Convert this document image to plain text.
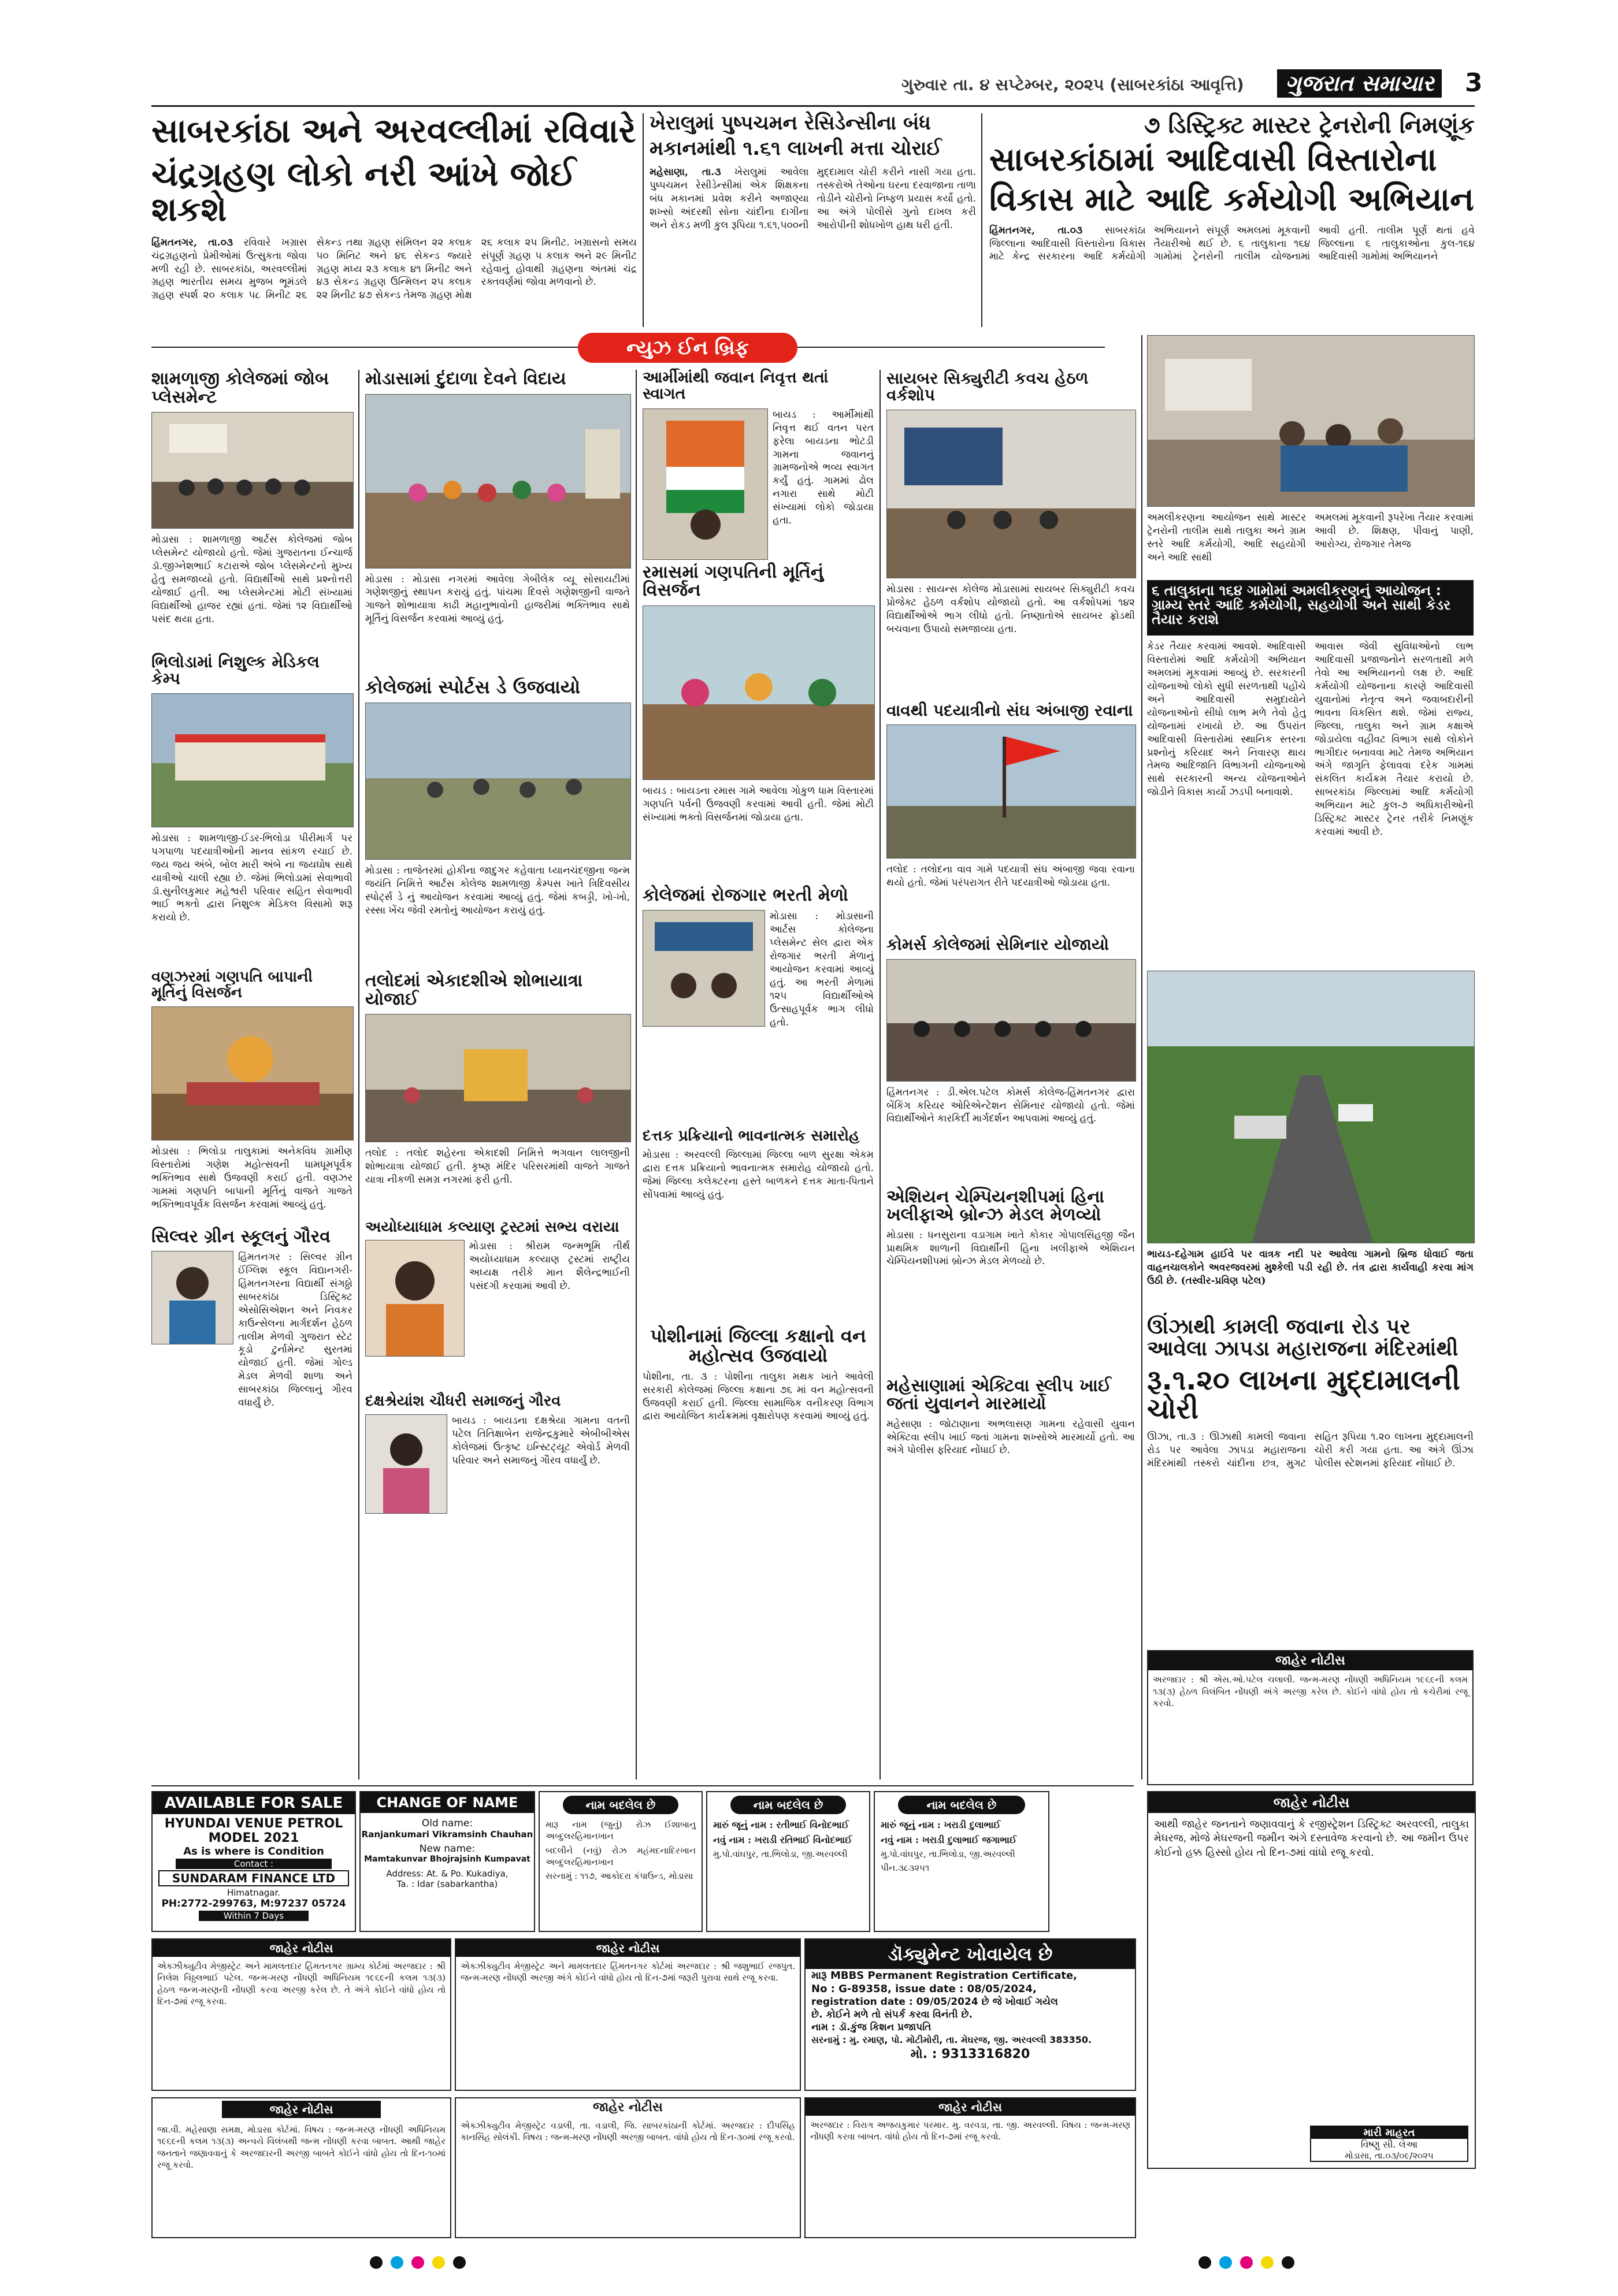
ગુરુવાર તા. ૪ સપ્ટેમ્બર, ૨૦૨૫ (સાબરકાંઠા આવૃત્તિ)	ગુજરાત સમાચાર	3
સાબરકાંઠા અને અરવલ્લીમાં રવિવારે
ચંદ્રગ્રહણ લોકો નરી આંખે જોઈ શકશે
હિંમતનગર, તા.૦૩ રવિવારે ખગ્રાસ ચંદ્રગ્રહણનો પ્રેમીઓમાં ઉત્સુકતા જોવા મળી રહી છે. સાબરકાંઠા, અરવલ્લીમાં ગ્રહણ ભારતીય સમય મુજબ ભૂમંડલે ગ્રહણ સ્પર્શ ૨૦ કલાક ૫૮ મિનીટ ૨૬ સેકન્ડ તથા ગ્રહણ સંમિલન ૨૨ કલાક ૫૦ મિનિટ અને ૪૬ સેકન્ડ જ્યારે ગ્રહણ મધ્ય ૨૩ કલાક ૪૧ મિનીટ અને ૪૩ સેકન્ડ ગ્રહણ ઉન્મિલન ૨૫ કલાક ૨૨ મિનીટ ૪૭ સેકન્ડ તેમજ ગ્રહણ મોક્ષ ૨૬ કલાક ૨૫ મિનીટ. ખગ્રાસનો સમય સંપૂર્ણ ગ્રહણ ૫ કલાક અને ૨૯ મિનીટ રહેવાનું હોવાથી ગ્રહણના અંતમાં ચંદ્ર રક્તવર્ણમાં જોવા મળવાનો છે.
ખેરાલુમાં પુષ્પચમન રેસિડેન્સીના બંધ
મકાનમાંથી ૧.૬૧ લાખની મત્તા ચોરાઈ
મહેસાણા, તા.૩ ખેરાલુમાં આવેલા પુષ્પચમન રેસીડેન્સીમાં એક શિક્ષકના બંધ મકાનમાં પ્રવેશ કરીને અજાણ્યા શખ્સો અંદરથી સોના ચાંદીના દાગીના અને રોકડ મળી કુલ રૂપિયા ૧.૬૧,૫૦૦ની મુદ્દામાલ ચોરી કરીને નાસી ગયા હતા. તસ્કરોએ તેઓના ઘરના દરવાજાના તાળા તોડીને ચોરીનો નિષ્ફળ પ્રયાસ કર્યો હતો. આ અંગે પોલીસે ગુનો દાખલ કરી આરોપીની શોધખોળ હાથ ધરી હતી.
૭ ડિસ્ટ્રિક્ટ માસ્ટર ટ્રેનરોની નિમણૂંક
સાબરકાંઠામાં આદિવાસી વિસ્તારોના
વિકાસ માટે આદિ કર્મયોગી અભિયાન
હિંમતનગર, તા.૦૩ સાબરકાંઠા જિલ્લાના આદિવાસી વિસ્તારોના વિકાસ માટે કેન્દ્ર સરકારના આદિ કર્મયોગી અભિયાનને સંપૂર્ણ અમલમાં મૂકવાની તૈયારીઓ થઈ છે. ૬ તાલુકાના ૧૬૪ ગામોમાં ટ્રેનરોની તાલીમ યોજનામાં આવી હતી. તાલીમ પૂર્ણ થતાં હવે જિલ્લાના ૬ તાલુકાઓના કુલ-૧૬૪ આદિવાસી ગામોમાં અભિયાનને
ન્યુઝ ઈન બ્રિફ
અમલીકરણના આયોજન સાથે માસ્ટર ટ્રેનરોની તાલીમ સાથે તાલુકા અને ગ્રામ સ્તરે આદિ કર્મયોગી, આદિ સહયોગી અને આદિ સાથી
અમલમાં મૂકવાની રૂપરેખા તૈયાર કરવામાં આવી છે. શિક્ષણ, પીવાનું પાણી, આરોગ્ય, રોજગાર તેમજ
૬ તાલુકાના ૧૬૪ ગામોમાં અમલીકરણનું આયોજન : ગ્રામ્ય સ્તરે આદિ કર્મયોગી, સહયોગી અને સાથી કેડર તૈયાર કરાશે
કેડર તૈયાર કરવામાં આવશે. આદિવાસી વિસ્તારોમાં આદિ કર્મયોગી અભિયાન અમલમાં મૂકવામાં આવ્યું છે. સરકારની યોજનાઓ લોકો સુધી સરળતાથી પહોંચે અને આદિવાસી સમુદાયોને યોજનાઓનો સીધો લાભ મળે તેવો હેતુ યોજનામાં રખાયો છે. આ ઉપરાંત આદિવાસી વિસ્તારોમાં સ્થાનિક સ્તરના પ્રશ્નોનું કરિયાદ અને નિવારણ થાય તેમજ આદિજાતિ વિભાગની યોજનાઓ સાથે સરકારની અન્ય યોજનાઓને જોડીને વિકાસ કાર્યો ઝડપી બનાવાશે.
આવાસ જેવી સુવિધાઓનો લાભ આદિવાસી પ્રજાજનોને સરળતાથી મળે તેવો આ અભિયાનનો લક્ષ છે. આદિ કર્મયોગી યોજનાના કારણે આદિવાસી યુવાનોમાં નેતૃત્વ અને જવાબદારીની ભાવના વિકસિત થશે. જેમાં રાજ્ય, જિલ્લા, તાલુકા અને ગ્રામ કક્ષાએ જોડાયેલા વહીવટ વિભાગ સાથે લોકોને ભાગીદાર બનાવવા માટે તેમજ અભિયાન અંગે જાગૃતિ ફેલાવવા દરેક ગામમાં સંકલિત કાર્યક્રમ તૈયાર કરાયો છે. સાબરકાંઠા જિલ્લામાં આદિ કર્મયોગી અભિયાન માટે કુલ-૭ અધિકારીઓની ડિસ્ટ્રિક્ટ માસ્ટર ટ્રેનર તરીકે નિમણૂંક કરવામાં આવી છે.
શામળાજી કોલેજમાં જોબ પ્લેસમેન્ટ
મોડાસા : શામળાજી આર્ટસ કોલેજમાં જોબ પ્લેસમેન્ટ યોજાયો હતો. જેમાં ગુજરાતના ઈન્ચાર્જ ડૉ.જીગ્નેશભાઈ કટારાએ જોબ પ્લેસમેન્ટનો મુખ્ય હેતુ સમજાવ્યો હતો. વિદ્યાર્થીઓ સાથે પ્રશ્નોત્તરી યોજાઈ હતી. આ પ્લેસમેન્ટમાં મોટી સંખ્યામાં વિદ્યાર્થીઓ હાજર રહ્યાં હતાં. જેમાં ૧૨ વિદ્યાર્થીઓ પસંદ થયા હતા.
ભિલોડામાં નિશુલ્ક મેડિકલ કેમ્પ
મોડાસા : શામળાજી-ઈડર-ભિલોડા પીરીમાર્ગ પર પગપાળા પદયાત્રીઓની માનવ સાંકળ રચાઈ છે. જય જય અંબે, બોલ મારી અંબે ના જયઘોષ સાથે યાત્રીઓ ચાલી રહ્યા છે. જેમાં ભિલોડામાં સેવાભાવી ડૉ.સુનીલકુમાર મહેશ્વરી પરિવાર સહિત સેવાભાવી ભાઈ ભક્તો દ્વારા નિશુલ્ક મેડિકલ વિસામો શરૂ કરાયો છે.
વણઝરમાં ગણપતિ બાપાની મૂર્તિનું વિસર્જન
મોડાસા : ભિલોડા તાલુકામાં અનેકવિધ ગ્રામીણ વિસ્તારોમાં ગણેશ મહોત્સવની ધામધૂમપૂર્વક ભક્તિભાવ સાથે ઉજવણી કરાઈ હતી. વણઝર ગામમાં ગણપતિ બાપાની મૂર્તિનું વાજતે ગાજતે ભક્તિભાવપૂર્વક વિસર્જન કરવામાં આવ્યું હતું.
સિલ્વર ગ્રીન સ્કૂલનું ગૌરવ
હિંમતનગર : સિલ્વર ગ્રીન ઈંગ્લિશ સ્કૂલ વિદ્યાનગરી-હિંમતનગરના વિદ્યાર્થી સંગઠ્ઠો સાબરકાંઠા ડિસ્ટ્રિક્ટ એસોસિએશન અને નિવકર કાઉન્સેલના માર્ગદર્શન હેઠળ તાલીમ મેળવી ગુજરાત સ્ટેટ કૂડો ટુર્નામેન્ટ સુરતમાં યોજાઈ હતી. જેમાં ગોલ્ડ મેડલ મેળવી શાળા અને સાબરકાંઠા જિલ્લાનું ગૌરવ વધાર્યું છે.
મોડાસામાં દુંદાળા દેવને વિદાય
મોડાસા : મોડાસા નગરમાં આવેલા ગેબીલેક વ્યૂ સોસાયટીમાં ગણેશજીનું સ્થાપન કરાયું હતું. પાંચમા દિવસે ગણેશજીની વાજતે ગાજતે શોભાયાત્રા કાઢી મહાનુભાવોની હાજરીમાં ભક્તિભાવ સાથે મૂર્તિનું વિસર્જન કરવામાં આવ્યું હતું.
કોલેજમાં સ્પોર્ટસ ડે ઉજવાયો
મોડાસા : તાજેતરમાં હોકીના જાદુગર કહેવાતા ધ્યાનચંદજીના જન્મ જયંતિ નિમિત્તે આર્ટસ કોલેજ શામળાજી કેમ્પસ ખાતે ત્રિદિવસીય સ્પોર્ટ્સ ડે નું આયોજન કરવામાં આવ્યું હતું. જેમાં કબડ્ડી, ખો-ખો, રસ્સા ખેંચ જેવી રમતોનું આયોજન કરાયું હતું.
તલોદમાં એકાદશીએ શોભાયાત્રા યોજાઈ
તલોદ : તલોદ શહેરના એકાદશી નિમિત્તે ભગવાન લાલજીની શોભાયાત્રા યોજાઈ હતી. કૃષ્ણ મંદિર પરિસરમાંથી વાજતે ગાજતે યાત્રા નીકળી સમગ્ર નગરમાં ફરી હતી.
અયોધ્યાધામ કલ્યાણ ટ્રસ્ટમાં સભ્ય વરાયા
મોડાસા : શ્રીરામ જન્મભૂમિ તીર્થ અયોધ્યાધામ કલ્યાણ ટ્રસ્ટમાં રાષ્ટ્રીય અધ્યક્ષ તરીકે માન શૈલેન્દ્રભાઈની પસંદગી કરવામાં આવી છે.
દક્ષશ્રેયાંશ ચૌધરી સમાજનું ગૌરવ
બાયડ : બાયડના દક્ષશ્રેયા ગામના વતની પટેલ તિતિક્ષાબેન રાજેન્દ્રકુમારે એબીબીએસ કોલેજમાં ઉત્કૃષ્ટ ઇન્સ્ટિટ્યૂટ એવોર્ડ મેળવી પરિવાર અને સમાજનું ગૌરવ વધાર્યું છે.
આર્મીમાંથી જવાન નિવૃત્ત થતાં સ્વાગત
બાયડ : આર્મીમાંથી નિવૃત્ત થઈ વતન પરત ફરેલા બાયડના ભોટડી ગામના જવાનનું ગ્રામજનોએ ભવ્ય સ્વાગત કર્યું હતું. ગામમાં ઢોલ નગારા સાથે મોટી સંખ્યામાં લોકો જોડાયા હતા.
રમાસમાં ગણપતિની મૂર્તિનું વિસર્જન
બાયડ : બાયડના રમાસ ગામે આવેલા ગોકુળ ધામ વિસ્તારમાં ગણપતિ પર્વની ઉજવણી કરવામાં આવી હતી. જેમાં મોટી સંખ્યામાં ભક્તો વિસર્જનમાં જોડાયા હતા.
કોલેજમાં રોજગાર ભરતી મેળો
મોડાસા : મોડાસાની આર્ટસ કોલેજના પ્લેસમેન્ટ સેલ દ્વારા એક રોજગાર ભરતી મેળાનું આયોજન કરવામાં આવ્યું હતું. આ ભરતી મેળામાં ૧૨૫ વિદ્યાર્થીઓએ ઉત્સાહપૂર્વક ભાગ લીધો હતો.
દત્તક પ્રક્રિયાનો ભાવનાત્મક સમારોહ
મોડાસા : અરવલ્લી જિલ્લામાં જિલ્લા બાળ સુરક્ષા એકમ દ્વારા દત્તક પ્રક્રિયાનો ભાવનાત્મક સમારોહ યોજાયો હતો. જેમાં જિલ્લા કલેક્ટરના હસ્તે બાળકને દત્તક માતા-પિતાને સોંપવામાં આવ્યું હતું.
પોશીનામાં જિલ્લા કક્ષાનો વન મહોત્સવ ઉજવાયો
પોશીના, તા. ૩ : પોશીના તાલુકા મથક ખાતે આવેલી સરકારી કોલેજમાં જિલ્લા કક્ષાના ૭૬ માં વન મહોત્સવની ઉજવણી કરાઈ હતી. જિલ્લા સામાજિક વનીકરણ વિભાગ દ્વારા આયોજિત કાર્યક્રમમાં વૃક્ષારોપણ કરવામાં આવ્યું હતું.
સાયબર સિક્યુરીટી કવચ હેઠળ વર્કશોપ
મોડાસા : સાયન્સ કોલેજ મોડાસામાં સાયબર સિક્યુરીટી કવચ પ્રોજેક્ટ હેઠળ વર્કશોપ યોજાયો હતો. આ વર્કશોપમાં ૧૪૨ વિદ્યાર્થીઓએ ભાગ લીધો હતો. નિષ્ણાતોએ સાયબર ફ્રોડથી બચવાના ઉપાયો સમજાવ્યા હતા.
વાવથી પદયાત્રીનો સંઘ અંબાજી રવાના
તલોદ : તલોદના વાવ ગામે પદયાત્રી સંઘ અંબાજી જવા રવાના થયો હતો. જેમાં પરંપરાગત રીતે પદયાત્રીઓ જોડાયા હતા.
કોમર્સ કોલેજમાં સેમિનાર યોજાયો
હિંમતનગર : ડી.એલ.પટેલ કોમર્સ કોલેજ-હિંમતનગર દ્વારા બેંકિંગ કરિયર ઓરિએન્ટેશન સેમિનાર યોજાયો હતો. જેમાં વિદ્યાર્થીઓને કારકિર્દી માર્ગદર્શન આપવામાં આવ્યું હતું.
એશિયન ચેમ્પિયનશીપમાં હિના ખલીફાએ બ્રોન્ઝ મેડલ મેળવ્યો
મોડાસા : ધનસુરાના વડાગામ ખાતે કોકાર ગોપાલસિંહજી જૈન પ્રાથમિક શાળાની વિદ્યાર્થીની હિના ખલીફાએ એશિયન ચેમ્પિયનશીપમાં બ્રોન્ઝ મેડલ મેળવ્યો છે.
મહેસાણામાં એક્ટિવા સ્લીપ ખાઈ જતાં યુવાનને મારમાર્યો
મહેસાણા : જોટાણાના અભલાસણ ગામના રહેવાસી યુવાન એક્ટિવા સ્લીપ ખાઈ જતાં ગામના શખ્સોએ મારમાર્યો હતો. આ અંગે પોલીસ ફરિયાદ નોંધાઈ છે.
ભાયડ-દહેગામ હાઈવે પર વાત્રક નદી પર આવેલા ગામનો બ્રિજ ધોવાઈ જતા વાહનચાલકોને અવરજવરમાં મુશ્કેલી પડી રહી છે. તંત્ર દ્વારા કાર્યવાહી કરવા માંગ ઉઠી છે. (તસ્વીર-પ્રવિણ પટેલ)
ઊંઝાથી કામલી જવાના રોડ પર આવેલા ઝાપડા મહારાજના મંદિરમાંથી
રૂ.૧.૨૦ લાખના મુદ્દામાલની ચોરી
ઊંઝા, તા.૩ : ઊંઝાથી કામલી જવાના રોડ પર આવેલા ઝાપડા મહારાજના મંદિરમાંથી તસ્કરો ચાંદીના છત્ર, મુગટ સહિત રૂપિયા ૧.૨૦ લાખના મુદ્દામાલની ચોરી કરી ગયા હતા. આ અંગે ઊંઝા પોલીસ સ્ટેશનમાં ફરિયાદ નોંધાઈ છે.
જાહેર નોટીસ
અરજદાર : શ્રી એસ.ઓ.પટેલ ચલાલી. જન્મ-મરણ નોંધણી અધિનિયમ ૧૯૬૯ની કલમ ૧૩(૩) હેઠળ વિલંબિત નોંધણી અંગે અરજી કરેલ છે. કોઈને વાંધો હોય તો કચેરીમાં રજૂ કરવો.
AVAILABLE FOR SALE
HYUNDAI VENUE PETROL
MODEL 2021
As is where is Condition
Contact :
SUNDARAM FINANCE LTD
Himatnagar.
PH:2772-299763, M:97237 05724
Within 7 Days
CHANGE OF NAME
Old name:
Ranjankumari Vikramsinh Chauhan
New name:
Mamtakunvar Bhojrajsinh Kumpavat
Address: At. & Po. Kukadiya,
Ta. : Idar (sabarkantha)
નામ બદલેલ છે
મારૂ નામ (જુનું) રોઝ ઈશાબાનુ અબ્દુલરહિમાનખાન
બદલીને (નવું) રોઝ મહંમદનાદિરખાન અબ્દુલરહિમાનખાન
સરનામું : ૧૧૭, આકોદરા કંપાઉન્ડ, મોડાસા
નામ બદલેલ છે
મારું જૂનું નામ : રતીભાઈ વિનોદભાઈ
નવું નામ : ખરાડી રતિભાઈ વિનોદભાઈ
મુ.પો.વાંઘપુર, તા.ભિલોડા, જી.અરવલ્લી
નામ બદલેલ છે
મારું જૂનું નામ : ખરાડી દુલાભાઈ
નવું નામ : ખરાડી દુલાભાઈ જગાભાઈ
મુ.પો.વાંઘપુર, તા.ભિલોડા, જી.અરવલ્લી
પીન.૩૮૩૨૫૧
જાહેર નોટીસ
એક્ઝીક્યુટીવ મેજીસ્ટ્રેટ અને મામલતદાર હિંમતનગર ગ્રામ્ય કોર્ટમાં અરજદાર : શ્રી નિલેશ વિઠ્ઠલભાઈ પટેલ. જન્મ-મરણ નોંધણી અધિનિયમ ૧૯૬૯ની કલમ ૧૩(૩) હેઠળ જન્મ-મરણની નોંધણી કરવા અરજી કરેલ છે. તે અંગે કોઈને વાંધો હોય તો દિન-૭માં રજૂ કરવા.
જાહેર નોટીસ
એક્ઝીક્યુટીવ મેજીસ્ટ્રેટ અને મામલતદાર હિંમતનગર કોર્ટમાં અરજદાર : શ્રી જશુભાઈ રજપુત. જન્મ-મરણ નોંધણી અરજી અંગે કોઈને વાંધો હોય તો દિન-૭માં જરૂરી પુરાવા સાથે રજૂ કરવા.
ડૉક્યુમેન્ટ ખોવાયેલ છે
મારૂ MBBS Permanent Registration Certificate,
No : G-89358, issue date : 08/05/2024,
registration date : 09/05/2024 છે જે ખોવાઈ ગયેલ
છે. કોઈને મળે તો સંપર્ક કરવા વિનંતી છે.
નામ : ડૉ.કુંજ કિશન પ્રજાપતિ
સરનામું : મુ. રમાણ, પો. મોટીમોરી, તા. મેઘરજ, જી. અરવલ્લી 383350.
મો. : 9313316820
જાહેર નોટીસ
આથી જાહેર જનતાને જણાવવાનું કે રજીસ્ટ્રેશન ડિસ્ટ્રિક્ટ અરવલ્લી, તાલુકા મેઘરજ, મોજે મેઘરજની જમીન અંગે દસ્તાવેજ કરવાનો છે. આ જમીન ઉપર કોઈનો હક્ક હિસ્સો હોય તો દિન-૭માં વાંધો રજૂ કરવો.
મારી માહરત
વિષ્ણુ સી. લેઆ
મોડાસા, તા.૦૩/૦૯/૨૦૨૫
જાહેર નોટીસ
જા.વી. મહેસાણા સમક્ષ, મોડાસા કોર્ટમાં. વિષય : જન્મ-મરણ નોંધણી અધિનિયમ ૧૯૬૯ની કલમ ૧૩(૩) અન્વયે વિલંબથી જન્મ નોંધણી કરવા બાબત. આથી જાહેર જનતાને જણાવવાનું કે અરજદારની અરજી બાબતે કોઈને વાંધો હોય તો દિન-૧૦માં રજૂ કરવો.
જાહેર નોટીસ
એક્ઝીક્યુટીવ મેજીસ્ટ્રેટ વડાલી, તા. વડાલી, જિ. સાબરકાંઠાની કોર્ટમાં. અરજદાર : દીપસિંહ કાનસિંહ સોલંકી. વિષય : જન્મ-મરણ નોંધણી અરજી બાબત. વાંધો હોય તો દિન-૩૦માં રજૂ કરવો.
જાહેર નોટીસ
અરજદાર : વિરાગ અજયકુમાર પરમાર. મુ. વરવડા, તા. જી. અરવલ્લી. વિષય : જન્મ-મરણ નોંધણી કરવા બાબત. વાંધો હોય તો દિન-૭માં રજૂ કરવો.
